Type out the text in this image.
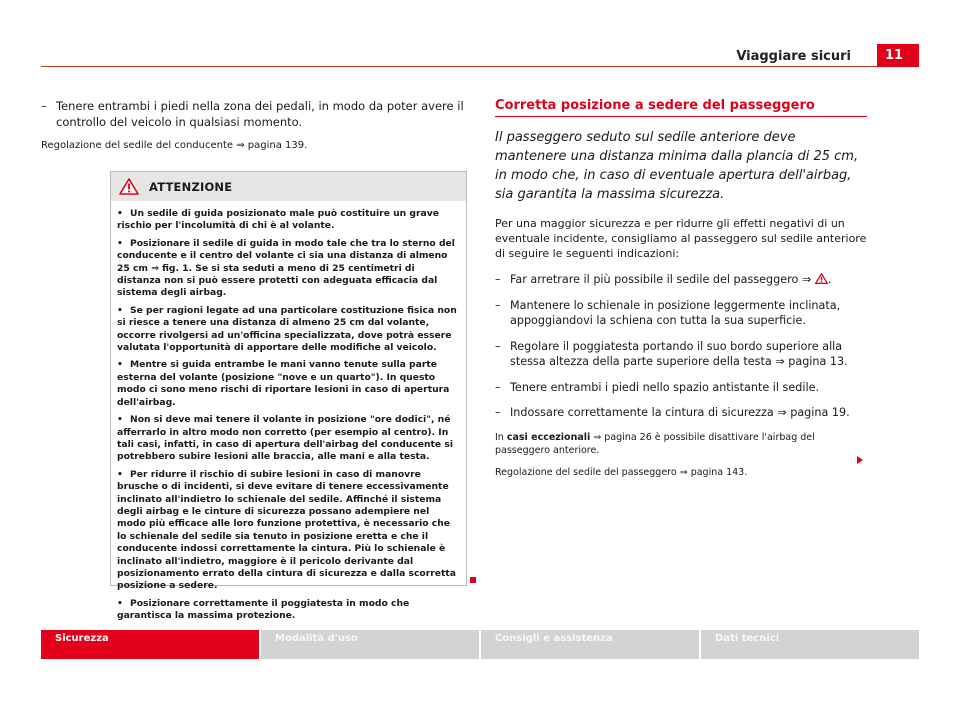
Viaggiare sicuri	11
– Tenere entrambi i piedi nella zona dei pedali, in modo da poter avere il controllo del veicolo in qualsiasi momento.
Regolazione del sedile del conducente ⇒ pagina 139.
ATTENZIONE
• Un sedile di guida posizionato male può costituire un grave rischio per l'incolumità di chi è al volante.
• Posizionare il sedile di guida in modo tale che tra lo sterno del conducente e il centro del volante ci sia una distanza di almeno 25 cm ⇒ fig. 1. Se si sta seduti a meno di 25 centimetri di distanza non si può essere protetti con adeguata efficacia dal sistema degli airbag.
• Se per ragioni legate ad una particolare costituzione fisica non si riesce a tenere una distanza di almeno 25 cm dal volante, occorre rivolgersi ad un'officina specializzata, dove potrà essere valutata l'opportunità di apportare delle modifiche al veicolo.
• Mentre si guida entrambe le mani vanno tenute sulla parte esterna del volante (posizione "nove e un quarto"). In questo modo ci sono meno rischi di riportare lesioni in caso di apertura dell'airbag.
• Non si deve mai tenere il volante in posizione "ore dodici", né afferrarlo in altro modo non corretto (per esempio al centro). In tali casi, infatti, in caso di apertura dell'airbag del conducente si potrebbero subire lesioni alle braccia, alle mani e alla testa.
• Per ridurre il rischio di subire lesioni in caso di manovre brusche o di incidenti, si deve evitare di tenere eccessivamente inclinato all'indietro lo schienale del sedile. Affinché il sistema degli airbag e le cinture di sicurezza possano adempiere nel modo più efficace alle loro funzione protettiva, è necessario che lo schienale del sedile sia tenuto in posizione eretta e che il conducente indossi correttamente la cintura. Più lo schienale è inclinato all'indietro, maggiore è il pericolo derivante dal posizionamento errato della cintura di sicurezza e dalla scorretta posizione a sedere.
• Posizionare correttamente il poggiatesta in modo che garantisca la massima protezione.
Corretta posizione a sedere del passeggero

Il passeggero seduto sul sedile anteriore deve mantenere una distanza minima dalla plancia di 25 cm, in modo che, in caso di eventuale apertura dell'airbag, sia garantita la massima sicurezza.

Per una maggior sicurezza e per ridurre gli effetti negativi di un eventuale incidente, consigliamo al passeggero sul sedile anteriore di seguire le seguenti indicazioni:

– Far arretrare il più possibile il sedile del passeggero ⇒ .
– Mantenere lo schienale in posizione leggermente inclinata, appoggiandovi la schiena con tutta la sua superficie.
– Regolare il poggiatesta portando il suo bordo superiore alla stessa altezza della parte superiore della testa ⇒ pagina 13.
– Tenere entrambi i piedi nello spazio antistante il sedile.
– Indossare correttamente la cintura di sicurezza ⇒ pagina 19.

In casi eccezionali ⇒ pagina 26 è possibile disattivare l'airbag del passeggero anteriore.

Regolazione del sedile del passeggero ⇒ pagina 143.

Sicurezza	Modalità d'uso	Consigli e assistenza	Dati tecnici
